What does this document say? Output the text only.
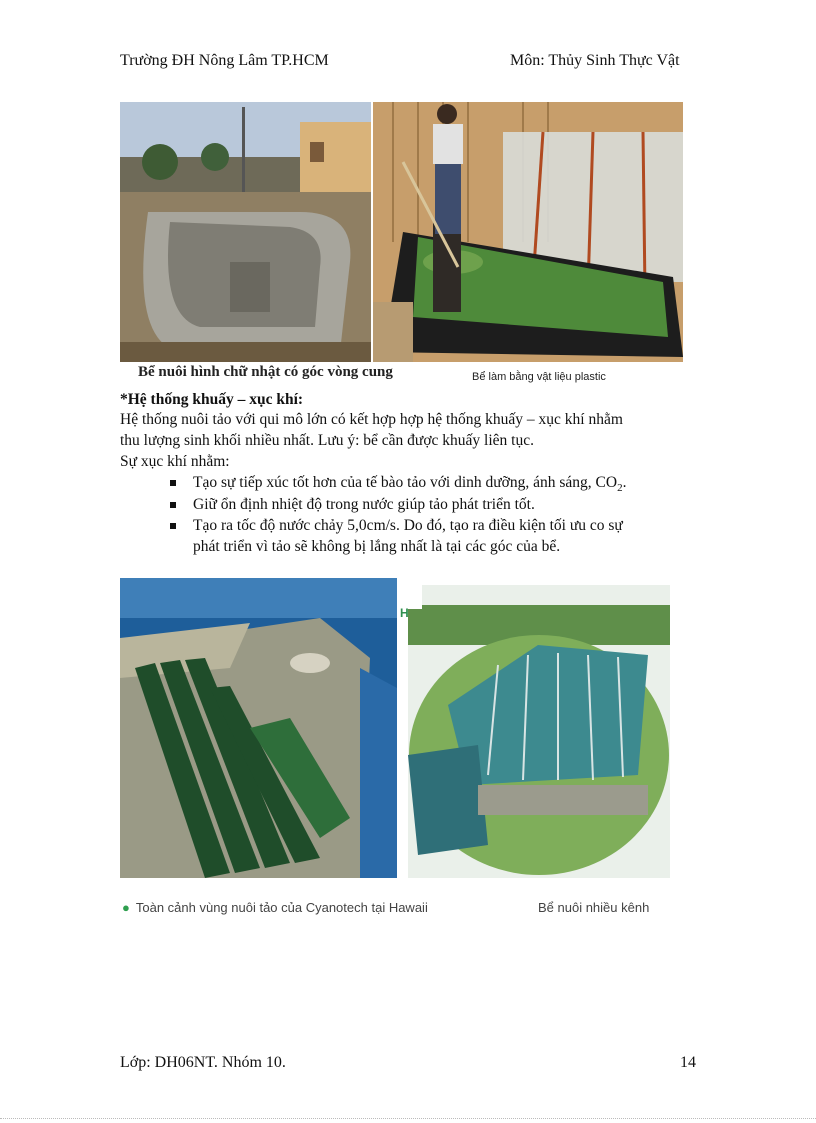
Trường ĐH Nông Lâm TP.HCM	Môn: Thủy Sinh Thực Vật
Bể nuôi hình chữ nhật có góc vòng cung	Bể làm bằng vật liệu plastic
*Hệ thống khuấy – xục khí:
Hệ thống nuôi tảo với qui mô lớn có kết hợp hợp hệ thống khuấy – xục khí nhằm
thu lượng sinh khối nhiều nhất. Lưu ý: bể cần được khuấy liên tục.
Sự xục khí nhằm:
Tạo sự tiếp xúc tốt hơn của tế bào tảo với dinh dưỡng, ánh sáng, $CO_2$.
Giữ ổn định nhiệt độ trong nước giúp tảo phát triển tốt.
Tạo ra tốc độ nước chảy 5,0cm/s. Do đó, tạo ra điều kiện tối ưu co sự
phát triển vì tảo sẽ không bị lắng nhất là tại các góc của bể.
H
● Toàn cảnh vùng nuôi tảo của Cyanotech tại Hawaii	Bể nuôi nhiều kênh
Lớp: DH06NT. Nhóm 10.	14
